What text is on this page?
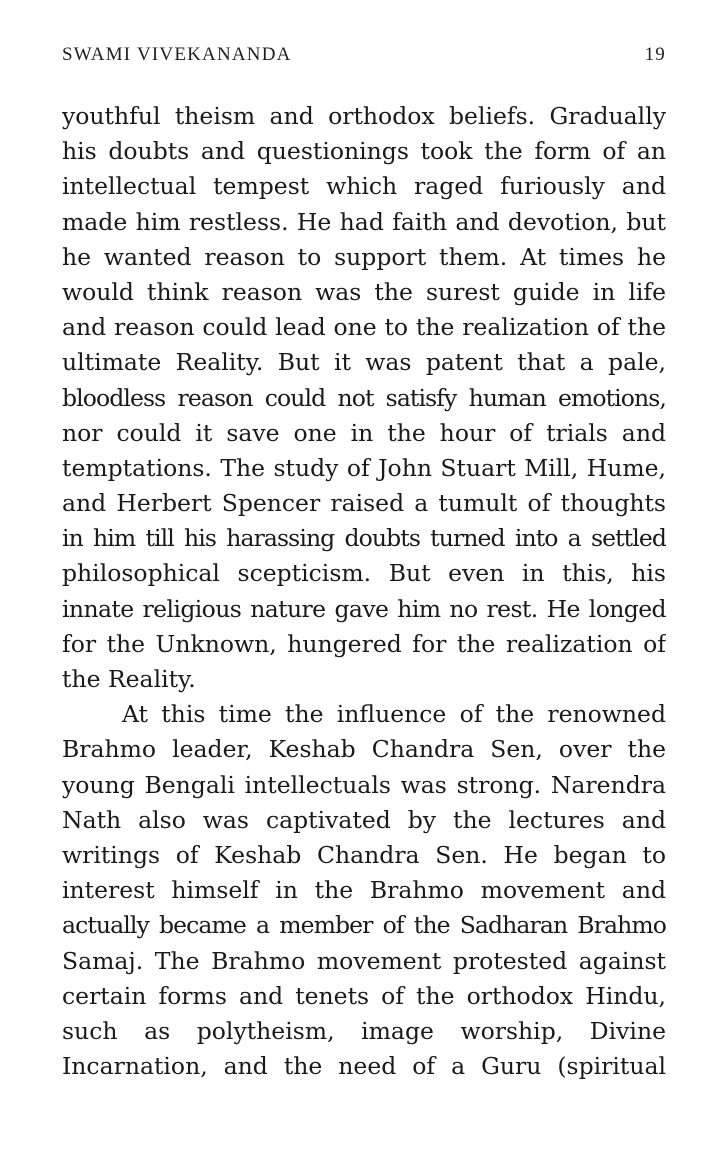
SWAMI VIVEKANANDA	19
youthful theism and orthodox beliefs. Gradually
his doubts and questionings took the form of an
intellectual tempest which raged furiously and
made him restless. He had faith and devotion, but
he wanted reason to support them. At times he
would think reason was the surest guide in life
and reason could lead one to the realization of the
ultimate Reality. But it was patent that a pale,
bloodless reason could not satisfy human emotions,
nor could it save one in the hour of trials and
temptations. The study of John Stuart Mill, Hume,
and Herbert Spencer raised a tumult of thoughts
in him till his harassing doubts turned into a settled
philosophical scepticism. But even in this, his
innate religious nature gave him no rest. He longed
for the Unknown, hungered for the realization of
the Reality.
At this time the influence of the renowned
Brahmo leader, Keshab Chandra Sen, over the
young Bengali intellectuals was strong. Narendra
Nath also was captivated by the lectures and
writings of Keshab Chandra Sen. He began to
interest himself in the Brahmo movement and
actually became a member of the Sadharan Brahmo
Samaj. The Brahmo movement protested against
certain forms and tenets of the orthodox Hindu,
such as polytheism, image worship, Divine
Incarnation, and the need of a Guru (spiritual
